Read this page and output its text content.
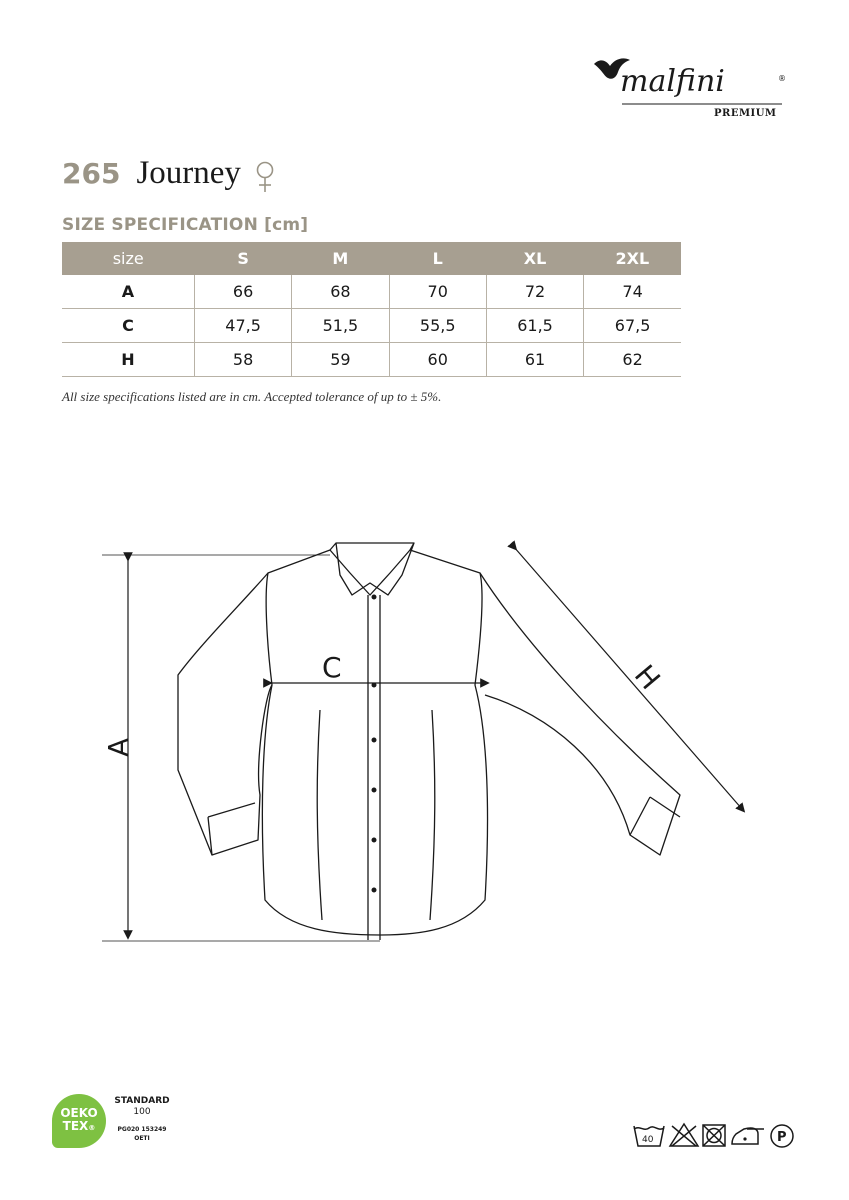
malfini	®
PREMIUM
265 Journey
SIZE SPECIFICATION [cm]
size	S	M	L	XL	2XL
A	66	68	70	72	74
C	47,5	51,5	55,5	61,5	67,5
H	58	59	60	61	62
All size specifications listed are in cm. Accepted tolerance of up to ± 5%.
A
C	H
OEKO
TEX®
STANDARD
100
PG020 153249
OETI	40	P
